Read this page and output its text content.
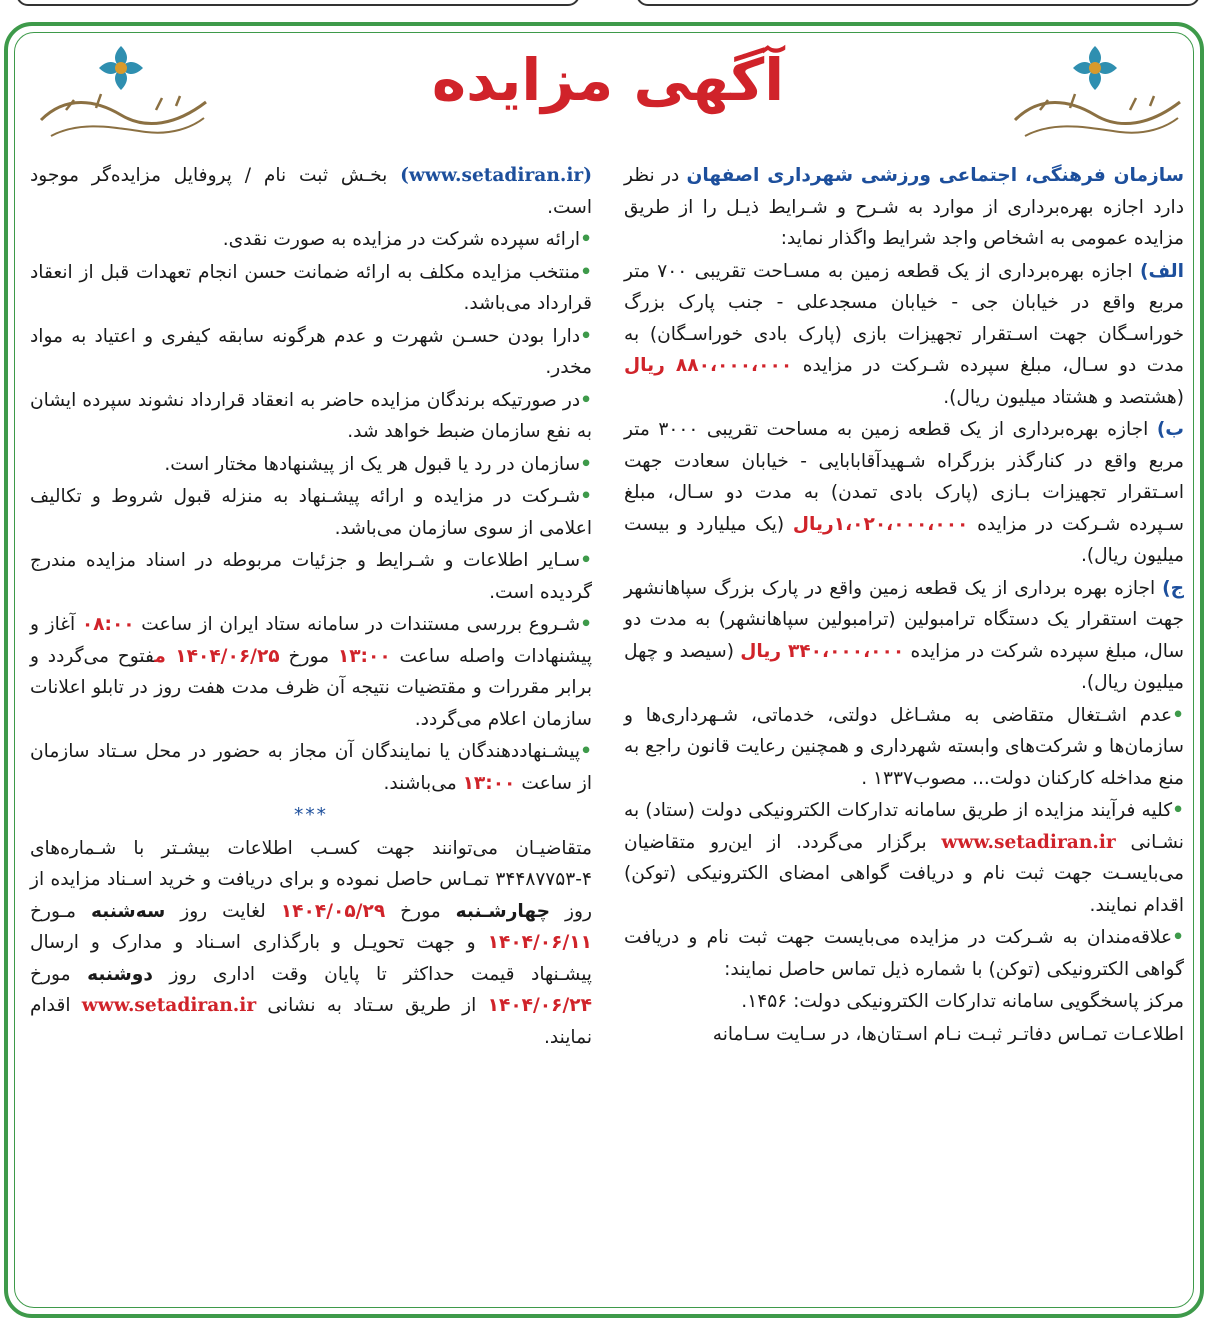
آگهی مزایده

سازمان فرهنگی، اجتماعی ورزشی شهرداری اصفهان در نظر دارد اجازه بهره‌برداری از موارد به شـرح و شـرایط ذیـل را از طریق مزایده عمومی به اشخاص واجد شرایط واگذار نماید:

الف) اجازه بهره‌برداری از یک قطعه زمین به مسـاحت تقریبی ۷۰۰ متر مربع واقع در خیابان جی - خیابان مسجدعلی - جنب پارک بزرگ خوراسـگان جهت اسـتقرار تجهیزات بازی (پارک بادی خوراسـگان) به مدت دو سـال، مبلغ سپرده شـرکت در مزایده ۸۸۰،۰۰۰،۰۰۰ ریال (هشتصد و هشتاد میلیون ریال).

ب) اجازه بهره‌برداری از یک قطعه زمین به مساحت تقریبی ۳۰۰۰ متر مربع واقع در کنارگذر بزرگراه شـهیدآقابابایی - خیابان سعادت جهت اسـتقرار تجهیزات بـازی (پارک بادی تمدن) به مدت دو سـال، مبلغ سـپرده شـرکت در مزایده ۱،۰۲۰،۰۰۰،۰۰۰ریال (یک میلیارد و بیست میلیون ریال).

ج) اجازه بهره برداری از یک قطعه زمین واقع در پارک بزرگ سپاهانشهر جهت استقرار یک دستگاه ترامبولین (ترامبولین سپاهانشهر) به مدت دو سال، مبلغ سپرده شرکت در مزایده ۳۴۰،۰۰۰،۰۰۰ ریال (سیصد و چهل میلیون ریال).

•عدم اشـتغال متقاضی به مشـاغل دولتی، خدماتی، شـهرداری‌ها و سازمان‌ها و شرکت‌های وابسته شهرداری و همچنین رعایت قانون راجع به منع مداخله کارکنان دولت... مصوب۱۳۳۷ .

•کلیه فرآیند مزایده از طریق سامانه تدارکات الکترونیکی دولت (ستاد) به نشـانی www.setadiran.ir برگزار می‌گردد. از این‌رو متقاضیان می‌بایسـت جهت ثبت نام و دریافت گواهی امضای الکترونیکی (توکن) اقدام نمایند.

•علاقه‌مندان به شـرکت در مزایده می‌بایست جهت ثبت نام و دریافت گواهی الکترونیکی (توکن) با شماره ذیل تماس حاصل نمایند:

مرکز پاسخگویی سامانه تدارکات الکترونیکی دولت: ۱۴۵۶.

اطلاعـات تمـاس دفاتـر ثبـت نـام اسـتان‌ها، در سـایت سـامانه

(www.setadiran.ir) بخـش ثبت نام / پروفایل مزایده‌گر موجود است.

•ارائه سپرده شرکت در مزایده به صورت نقدی.

•منتخب مزایده مکلف به ارائه ضمانت حسن انجام تعهدات قبل از انعقاد قرارداد می‌باشد.

•دارا بودن حسـن شهرت و عدم هرگونه سابقه کیفری و اعتیاد به مواد مخدر.

•در صورتیکه برندگان مزایده حاضر به انعقاد قرارداد نشوند سپرده ایشان به نفع سازمان ضبط خواهد شد.

•سازمان در رد یا قبول هر یک از پیشنهادها مختار است.

•شـرکت در مزایده و ارائه پیشـنهاد به منزله قبول شروط و تکالیف اعلامی از سوی سازمان می‌باشد.

•سـایر اطلاعات و شـرایط و جزئیات مربوطه در اسناد مزایده مندرج گردیده است.

•شـروع بررسی مستندات در سامانه ستاد ایران از ساعت ۰۸:۰۰ آغاز و پیشنهادات واصله ساعت ۱۳:۰۰ مورخ ۱۴۰۴/۰۶/۲۵ مفتوح می‌گردد و برابر مقررات و مقتضیات نتیجه آن ظرف مدت هفت روز در تابلو اعلانات سازمان اعلام می‌گردد.

•پیشـنهاددهندگان یا نمایندگان آن مجاز به حضور در محل سـتاد سازمان از ساعت ۱۳:۰۰ می‌باشند.

***

متقاضیـان می‌توانند جهت کسـب اطلاعات بیشـتر با شـماره‌های ۴-۳۴۴۸۷۷۵۳ تمـاس حاصل نموده و برای دریافت و خرید اسـناد مزایده از روز چهارشـنبه مورخ ۱۴۰۴/۰۵/۲۹ لغایت روز سه‌شنبه مـورخ ۱۴۰۴/۰۶/۱۱ و جهت تحویـل و بارگذاری اسـناد و مدارک و ارسال پیشـنهاد قیمت حداکثر تا پایان وقت اداری روز دوشنبه مورخ ۱۴۰۴/۰۶/۲۴ از طریق سـتاد به نشانی www.setadiran.ir اقدام نمایند.
